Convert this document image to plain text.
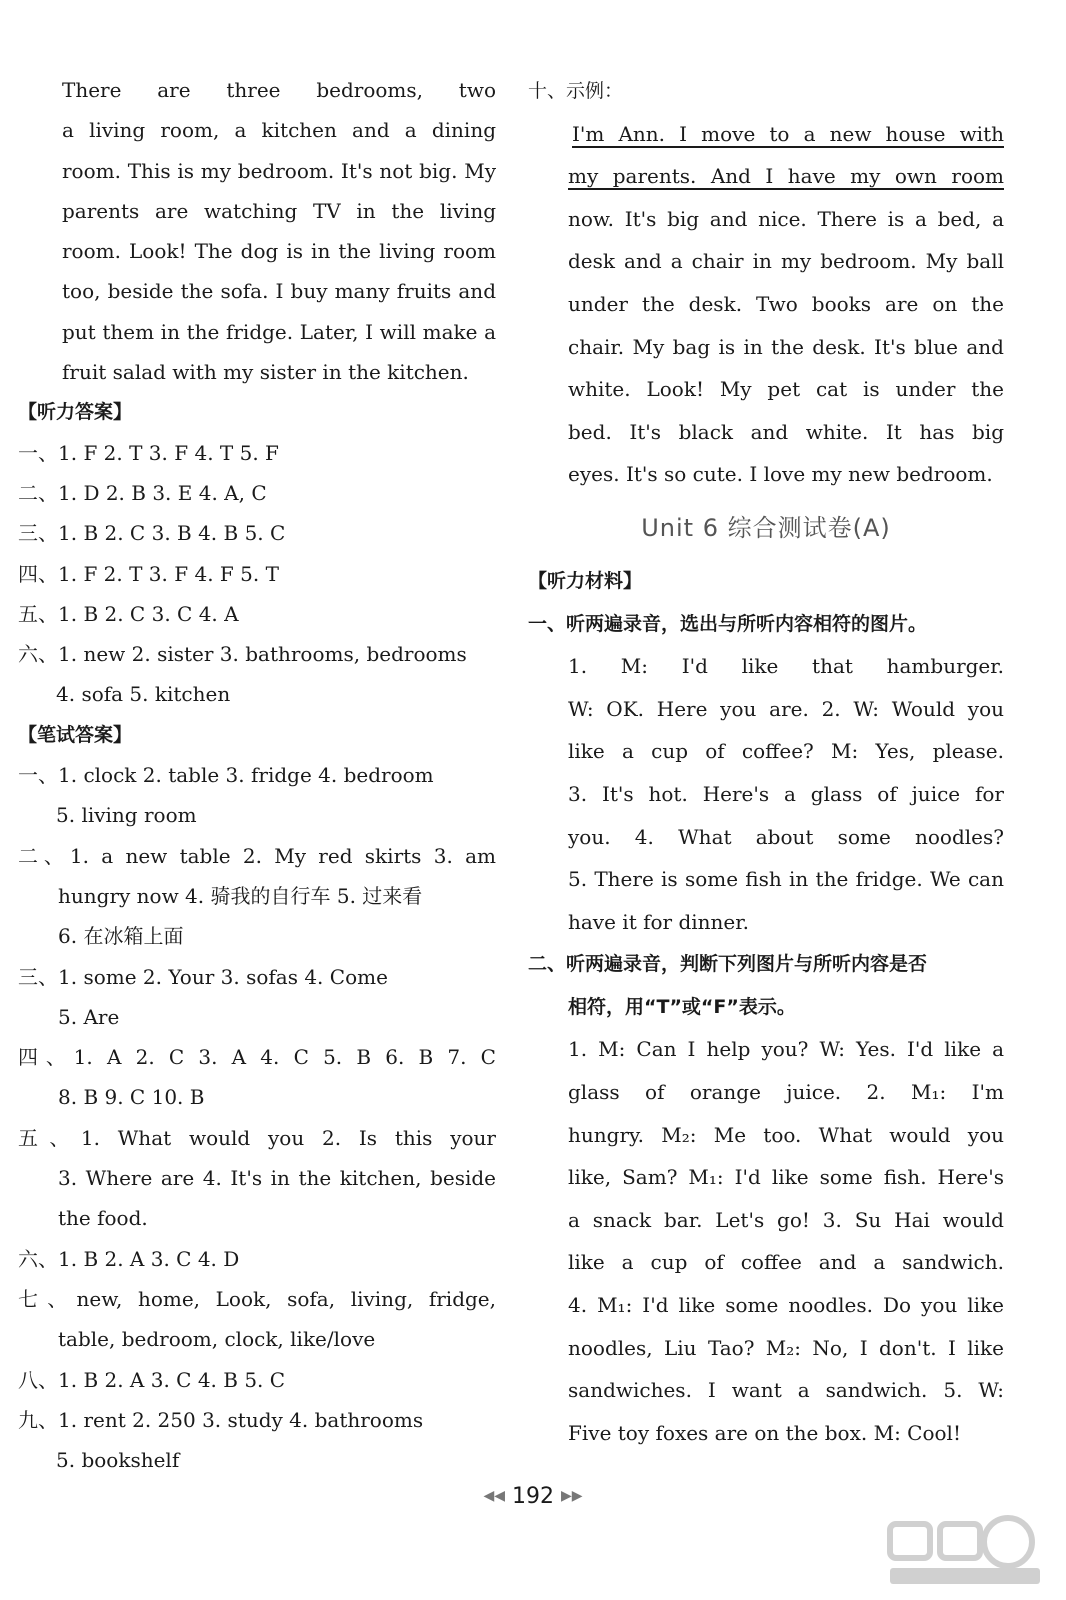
There are three bedrooms, two
a living room, a kitchen and a dining
room. This is my bedroom. It's not big. My
parents are watching TV in the living
room. Look! The dog is in the living room
too, beside the sofa. I buy many fruits and
put them in the fridge. Later, I will make a
fruit salad with my sister in the kitchen.
【听力答案】
一、1. F 2. T 3. F 4. T 5. F
二、1. D 2. B 3. E 4. A, C
三、1. B 2. C 3. B 4. B 5. C
四、1. F 2. T 3. F 4. F 5. T
五、1. B 2. C 3. C 4. A
六、1. new 2. sister 3. bathrooms, bedrooms
4. sofa 5. kitchen
【笔试答案】
一、1. clock 2. table 3. fridge 4. bedroom
5. living room
二、1. a new table 2. My red skirts 3. am
hungry now 4. 骑我的自行车 5. 过来看
6. 在冰箱上面
三、1. some 2. Your 3. sofas 4. Come
5. Are
四、1. A 2. C 3. A 4. C 5. B 6. B 7. C
8. B 9. C 10. B
五、1. What would you 2. Is this your
3. Where are 4. It's in the kitchen, beside
the food.
六、1. B 2. A 3. C 4. D
七、new, home, Look, sofa, living, fridge,
table, bedroom, clock, like/love
八、1. B 2. A 3. C 4. B 5. C
九、1. rent 2. 250 3. study 4. bathrooms
5. bookshelf
十、示例：
I'm Ann. I move to a new house with
my parents. And I have my own room
now. It's big and nice. There is a bed, a
desk and a chair in my bedroom. My ball
under the desk. Two books are on the
chair. My bag is in the desk. It's blue and
white. Look! My pet cat is under the
bed. It's black and white. It has big
eyes. It's so cute. I love my new bedroom.
Unit 6 综合测试卷(A)
【听力材料】
一、听两遍录音，选出与所听内容相符的图片。
1. M: I'd like that hamburger.
W: OK. Here you are. 2. W: Would you
like a cup of coffee? M: Yes, please.
3. It's hot. Here's a glass of juice for
you. 4. What about some noodles?
5. There is some fish in the fridge. We can
have it for dinner.
二、听两遍录音，判断下列图片与所听内容是否
相符，用“T”或“F”表示。
1. M: Can I help you? W: Yes. I'd like a
glass of orange juice. 2. M₁: I'm
hungry. M₂: Me too. What would you
like, Sam? M₁: I'd like some fish. Here's
a snack bar. Let's go! 3. Su Hai would
like a cup of coffee and a sandwich.
4. M₁: I'd like some noodles. Do you like
noodles, Liu Tao? M₂: No, I don't. I like
sandwiches. I want a sandwich. 5. W:
Five toy foxes are on the box. M: Cool!
◀◀ 192 ▶▶
